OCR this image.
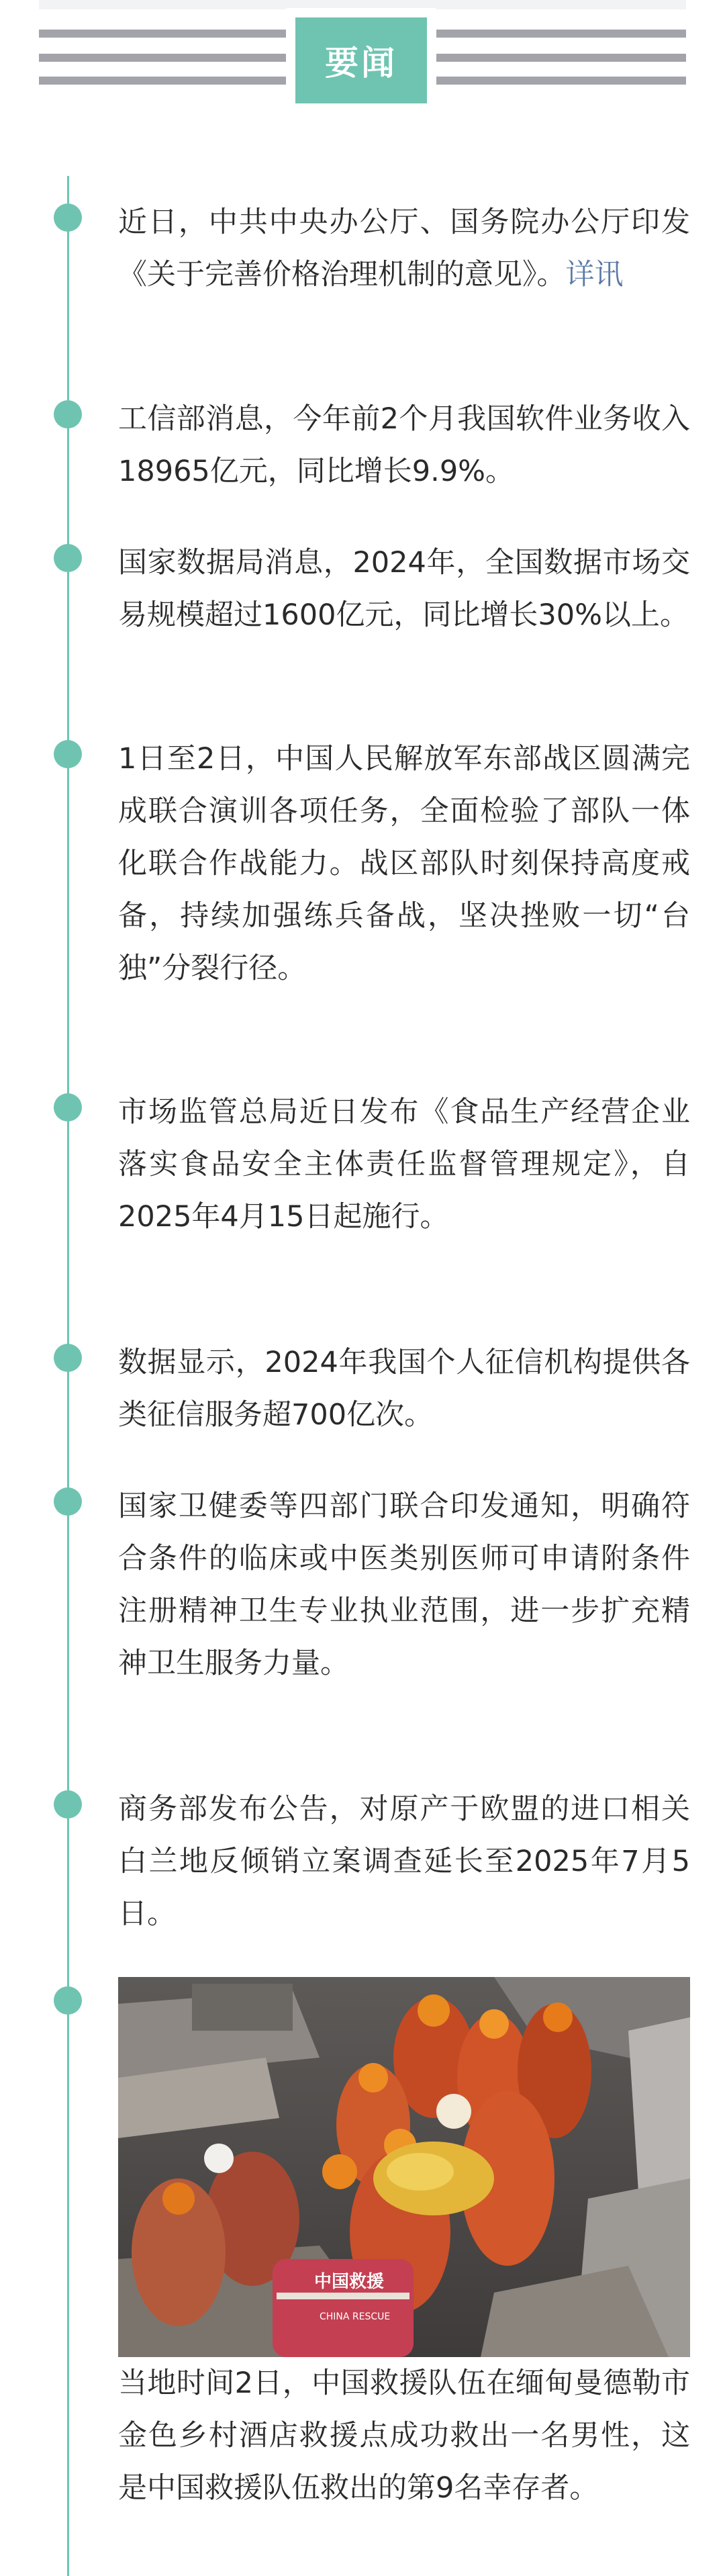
要闻

近日，中共中央办公厅、国务院办公厅印发《关于完善价格治理机制的意见》。详讯

工信部消息，今年前2个月我国软件业务收入18965亿元，同比增长9.9%。

国家数据局消息，2024年，全国数据市场交易规模超过1600亿元，同比增长30%以上。

1日至2日，中国人民解放军东部战区圆满完成联合演训各项任务，全面检验了部队一体化联合作战能力。战区部队时刻保持高度戒备，持续加强练兵备战，坚决挫败一切“台独”分裂行径。

市场监管总局近日发布《食品生产经营企业落实食品安全主体责任监督管理规定》，自2025年4月15日起施行。

数据显示，2024年我国个人征信机构提供各类征信服务超700亿次。

国家卫健委等四部门联合印发通知，明确符合条件的临床或中医类别医师可申请附条件注册精神卫生专业执业范围，进一步扩充精神卫生服务力量。

商务部发布公告，对原产于欧盟的进口相关白兰地反倾销立案调查延长至2025年7月5日。

中国救援
CHINA RESCUE

当地时间2日，中国救援队伍在缅甸曼德勒市金色乡村酒店救援点成功救出一名男性，这是中国救援队伍救出的第9名幸存者。
